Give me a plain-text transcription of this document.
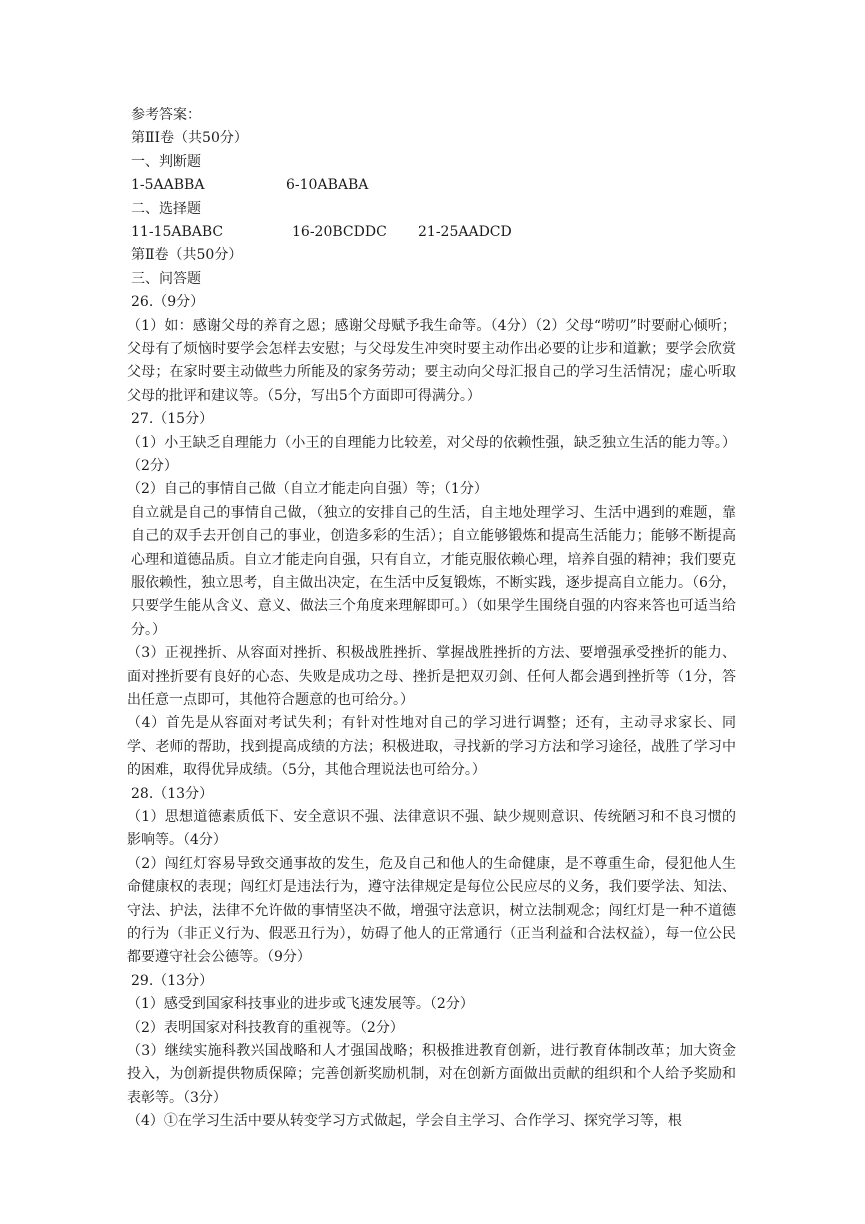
参考答案：
第ⅡⅠ卷（共50分）
一、判断题
1-5AABBA	6-10ABABA
二、选择题
11-15ABABC	16-20BCDDC 21-25AADCD
第Ⅱ卷（共50分）
三、问答题
26.（9分）
（1）如：感谢父母的养育之恩；感谢父母赋予我生命等。（4分）（2）父母“唠叨”时要耐心倾听；父母有了烦恼时要学会怎样去安慰；与父母发生冲突时要主动作出必要的让步和道歉；要学会欣赏父母；在家时要主动做些力所能及的家务劳动；要主动向父母汇报自己的学习生活情况；虚心听取父母的批评和建议等。（5分，写出5个方面即可得满分。）
27.（15分）
（1）小王缺乏自理能力（小王的自理能力比较差，对父母的依赖性强，缺乏独立生活的能力等。）（2分）
（2）自己的事情自己做（自立才能走向自强）等；（1分）
自立就是自己的事情自己做，（独立的安排自己的生活，自主地处理学习、生活中遇到的难题，靠自己的双手去开创自己的事业，创造多彩的生活）；自立能够锻炼和提高生活能力；能够不断提高心理和道德品质。自立才能走向自强，只有自立，才能克服依赖心理，培养自强的精神；我们要克服依赖性，独立思考，自主做出决定，在生活中反复锻炼，不断实践，逐步提高自立能力。（6分，只要学生能从含义、意义、做法三个角度来理解即可。）（如果学生围绕自强的内容来答也可适当给分。）
（3）正视挫折、从容面对挫折、积极战胜挫折、掌握战胜挫折的方法、要增强承受挫折的能力、面对挫折要有良好的心态、失败是成功之母、挫折是把双刃剑、任何人都会遇到挫折等（1分，答出任意一点即可，其他符合题意的也可给分。）
（4）首先是从容面对考试失利；有针对性地对自己的学习进行调整；还有，主动寻求家长、同学、老师的帮助，找到提高成绩的方法；积极进取，寻找新的学习方法和学习途径，战胜了学习中的困难，取得优异成绩。（5分，其他合理说法也可给分。）
28.（13分）
（1）思想道德素质低下、安全意识不强、法律意识不强、缺少规则意识、传统陋习和不良习惯的影响等。（4分）
（2）闯红灯容易导致交通事故的发生，危及自己和他人的生命健康，是不尊重生命，侵犯他人生命健康权的表现；闯红灯是违法行为，遵守法律规定是每位公民应尽的义务，我们要学法、知法、守法、护法，法律不允许做的事情坚决不做，增强守法意识，树立法制观念；闯红灯是一种不道德的行为（非正义行为、假恶丑行为），妨碍了他人的正常通行（正当利益和合法权益），每一位公民都要遵守社会公德等。（9分）
29.（13分）
（1）感受到国家科技事业的进步或飞速发展等。（2分）
（2）表明国家对科技教育的重视等。（2分）
（3）继续实施科教兴国战略和人才强国战略；积极推进教育创新，进行教育体制改革；加大资金投入，为创新提供物质保障；完善创新奖励机制，对在创新方面做出贡献的组织和个人给予奖励和表彰等。（3分）
（4）①在学习生活中要从转变学习方式做起，学会自主学习、合作学习、探究学习等，根
